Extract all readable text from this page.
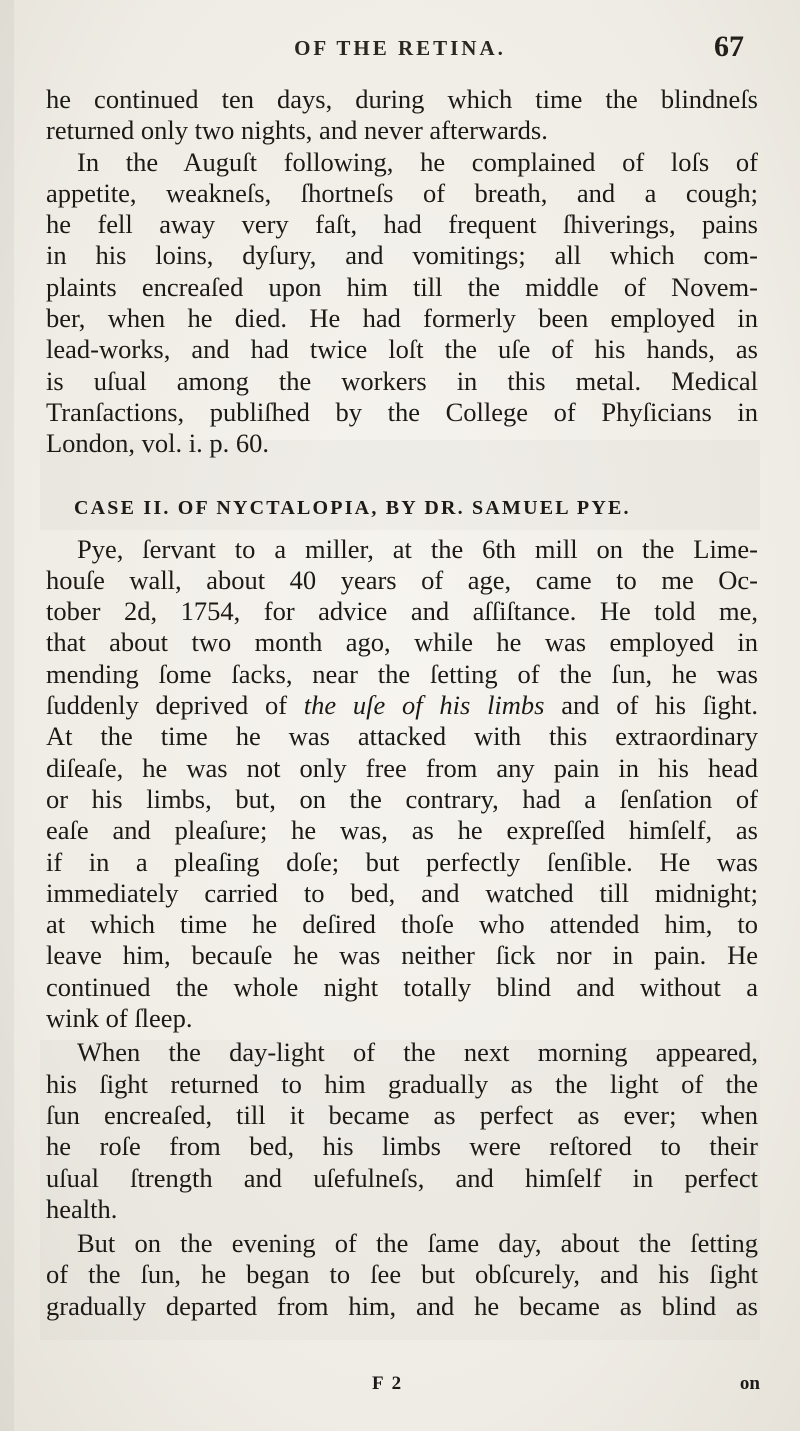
OF THE RETINA.	67
he continued ten days, during which time the blindneſs
returned only two nights, and never afterwards.
In the Auguſt following, he complained of loſs of
appetite, weakneſs, ſhortneſs of breath, and a cough;
he fell away very faſt, had frequent ſhiverings, pains
in his loins, dyſury, and vomitings; all which com-
plaints encreaſed upon him till the middle of Novem-
ber, when he died. He had formerly been employed in
lead-works, and had twice loſt the uſe of his hands, as
is uſual among the workers in this metal. Medical
Tranſactions, publiſhed by the College of Phyſicians in
London, vol. i. p. 60.
CASE II. OF NYCTALOPIA, BY DR. SAMUEL PYE.
Pye, ſervant to a miller, at the 6th mill on the Lime-
houſe wall, about 40 years of age, came to me Oc-
tober 2d, 1754, for advice and aſſiſtance. He told me,
that about two month ago, while he was employed in
mending ſome ſacks, near the ſetting of the ſun, he was
ſuddenly deprived of the uſe of his limbs and of his ſight.
At the time he was attacked with this extraordinary
diſeaſe, he was not only free from any pain in his head
or his limbs, but, on the contrary, had a ſenſation of
eaſe and pleaſure; he was, as he expreſſed himſelf, as
if in a pleaſing doſe; but perfectly ſenſible. He was
immediately carried to bed, and watched till midnight;
at which time he deſired thoſe who attended him, to
leave him, becauſe he was neither ſick nor in pain. He
continued the whole night totally blind and without a
wink of ſleep.
When the day-light of the next morning appeared,
his ſight returned to him gradually as the light of the
ſun encreaſed, till it became as perfect as ever; when
he roſe from bed, his limbs were reſtored to their
uſual ſtrength and uſefulneſs, and himſelf in perfect
health.
But on the evening of the ſame day, about the ſetting
of the ſun, he began to ſee but obſcurely, and his ſight
gradually departed from him, and he became as blind as
F 2	on
